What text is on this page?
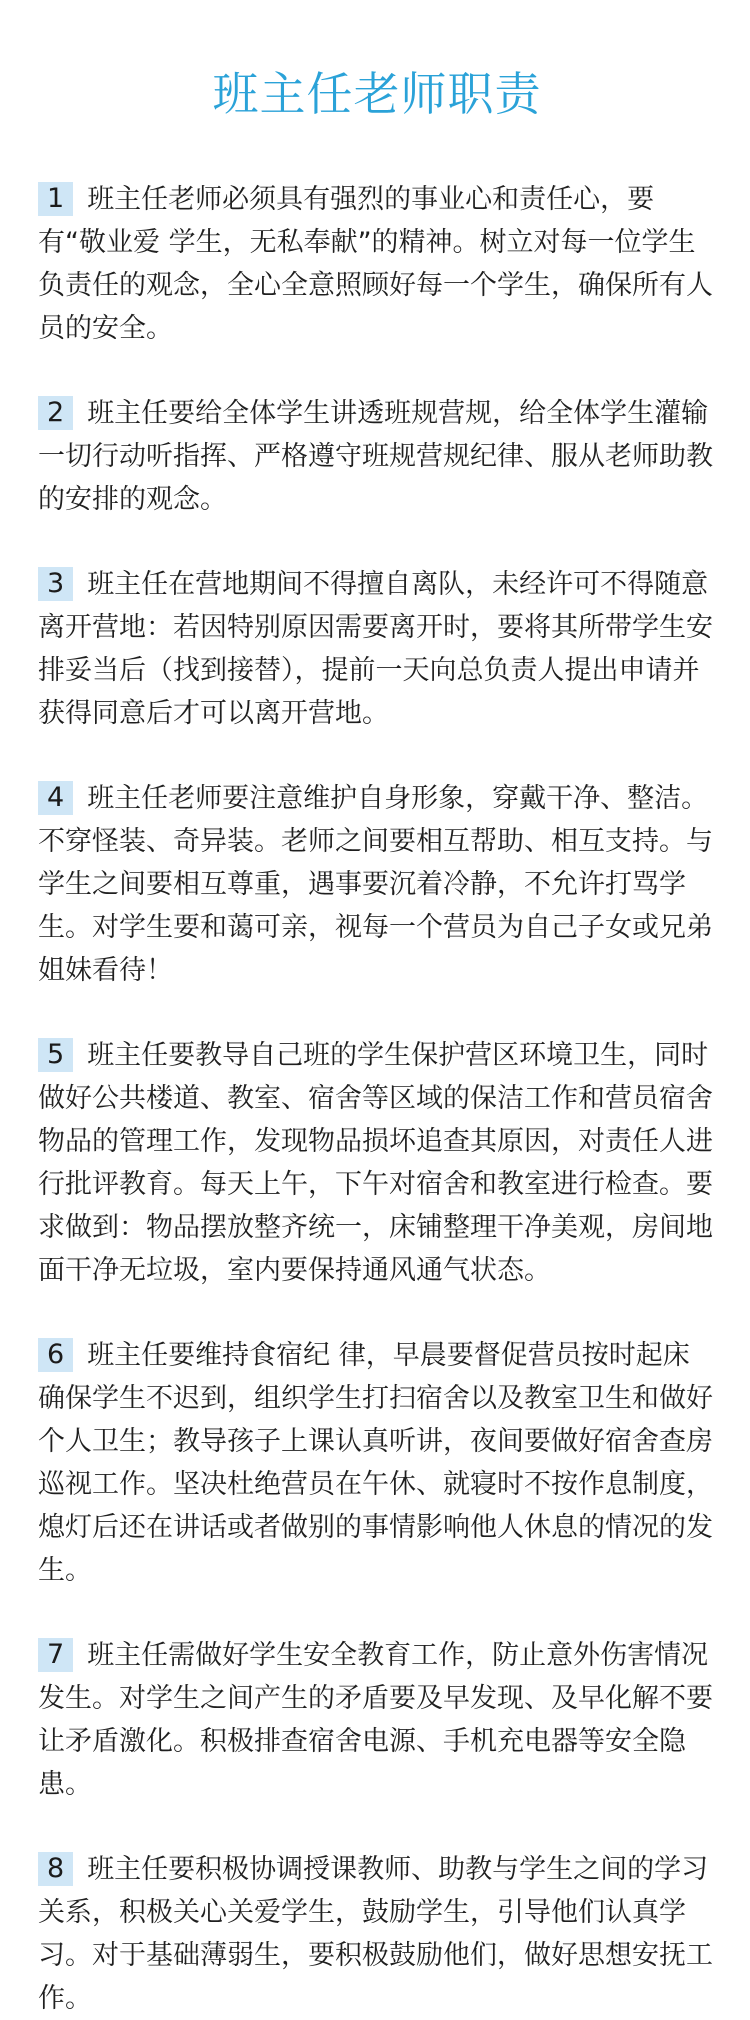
班主任老师职责
1 班主任老师必须具有强烈的事业心和责任心，要有“敬业爱 学生，无私奉献”的精神。树立对每一位学生负责任的观念，全心全意照顾好每一个学生，确保所有人员的安全。
2 班主任要给全体学生讲透班规营规，给全体学生灌输一切行动听指挥、严格遵守班规营规纪律、服从老师助教的安排的观念。
3 班主任在营地期间不得擅自离队，未经许可不得随意离开营地：若因特别原因需要离开时，要将其所带学生安排妥当后（找到接替），提前一天向总负责人提出申请并获得同意后才可以离开营地。
4 班主任老师要注意维护自身形象，穿戴干净、整洁。不穿怪装、奇异装。老师之间要相互帮助、相互支持。与学生之间要相互尊重，遇事要沉着冷静，不允许打骂学生。对学生要和蔼可亲，视每一个营员为自己子女或兄弟姐妹看待！
5 班主任要教导自己班的学生保护营区环境卫生，同时做好公共楼道、教室、宿舍等区域的保洁工作和营员宿舍物品的管理工作，发现物品损坏追查其原因，对责任人进行批评教育。每天上午，下午对宿舍和教室进行检查。要求做到：物品摆放整齐统一，床铺整理干净美观，房间地面干净无垃圾，室内要保持通风通气状态。
6 班主任要维持食宿纪 律，早晨要督促营员按时起床确保学生不迟到，组织学生打扫宿舍以及教室卫生和做好个人卫生；教导孩子上课认真听讲，夜间要做好宿舍查房巡视工作。坚决杜绝营员在午休、就寝时不按作息制度，熄灯后还在讲话或者做别的事情影响他人休息的情况的发生。
7 班主任需做好学生安全教育工作，防止意外伤害情况发生。对学生之间产生的矛盾要及早发现、及早化解不要让矛盾激化。积极排查宿舍电源、手机充电器等安全隐患。
8 班主任要积极协调授课教师、助教与学生之间的学习关系，积极关心关爱学生，鼓励学生，引导他们认真学习。对于基础薄弱生，要积极鼓励他们，做好思想安抚工作。
